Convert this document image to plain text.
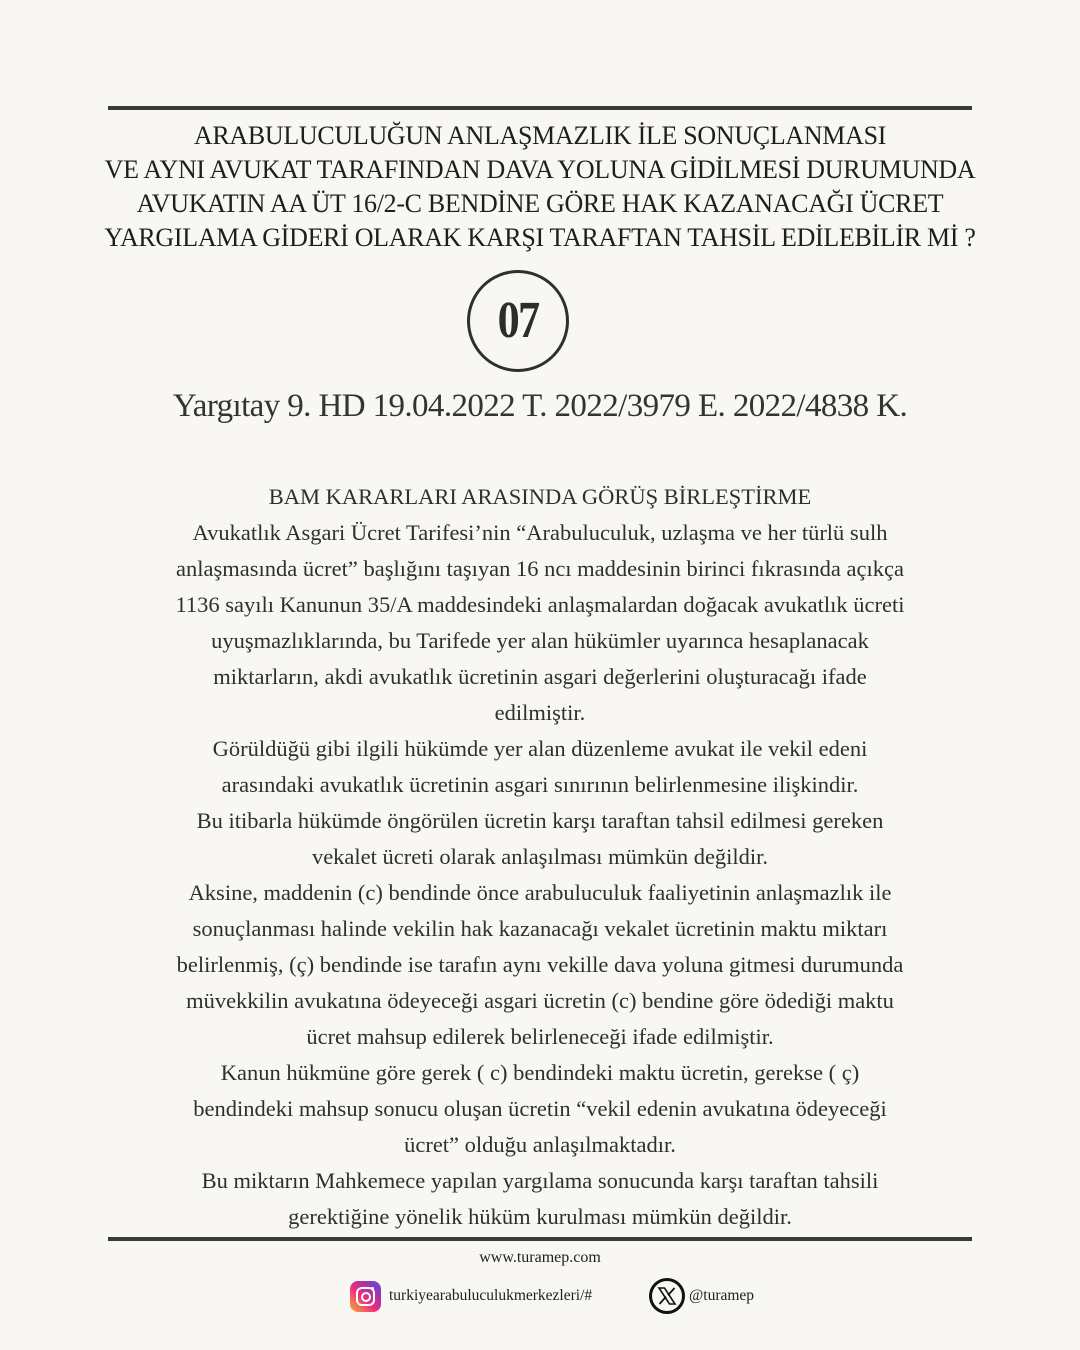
ARABULUCULUĞUN ANLAŞMAZLIK İLE SONUÇLANMASI
VE AYNI AVUKAT TARAFINDAN DAVA YOLUNA GİDİLMESİ DURUMUNDA
AVUKATIN AA ÜT 16/2-C BENDİNE GÖRE HAK KAZANACAĞI ÜCRET
YARGILAMA GİDERİ OLARAK KARŞI TARAFTAN TAHSİL EDİLEBİLİR Mİ ?
07
Yargıtay 9. HD 19.04.2022 T. 2022/3979 E. 2022/4838 K.
BAM KARARLARI ARASINDA GÖRÜŞ BİRLEŞTİRME
Avukatlık Asgari Ücret Tarifesi’nin “Arabuluculuk, uzlaşma ve her türlü sulh
anlaşmasında ücret” başlığını taşıyan 16 ncı maddesinin birinci fıkrasında açıkça
1136 sayılı Kanunun 35/A maddesindeki anlaşmalardan doğacak avukatlık ücreti
uyuşmazlıklarında, bu Tarifede yer alan hükümler uyarınca hesaplanacak
miktarların, akdi avukatlık ücretinin asgari değerlerini oluşturacağı ifade
edilmiştir.
Görüldüğü gibi ilgili hükümde yer alan düzenleme avukat ile vekil edeni
arasındaki avukatlık ücretinin asgari sınırının belirlenmesine ilişkindir.
Bu itibarla hükümde öngörülen ücretin karşı taraftan tahsil edilmesi gereken
vekalet ücreti olarak anlaşılması mümkün değildir.
Aksine, maddenin (c) bendinde önce arabuluculuk faaliyetinin anlaşmazlık ile
sonuçlanması halinde vekilin hak kazanacağı vekalet ücretinin maktu miktarı
belirlenmiş, (ç) bendinde ise tarafın aynı vekille dava yoluna gitmesi durumunda
müvekkilin avukatına ödeyeceği asgari ücretin (c) bendine göre ödediği maktu
ücret mahsup edilerek belirleneceği ifade edilmiştir.
Kanun hükmüne göre gerek ( c) bendindeki maktu ücretin, gerekse ( ç)
bendindeki mahsup sonucu oluşan ücretin “vekil edenin avukatına ödeyeceği
ücret” olduğu anlaşılmaktadır.
Bu miktarın Mahkemece yapılan yargılama sonucunda karşı taraftan tahsili
gerektiğine yönelik hüküm kurulması mümkün değildir.
www.turamep.com
turkiyearabuluculukmerkezleri/#	@turamep
